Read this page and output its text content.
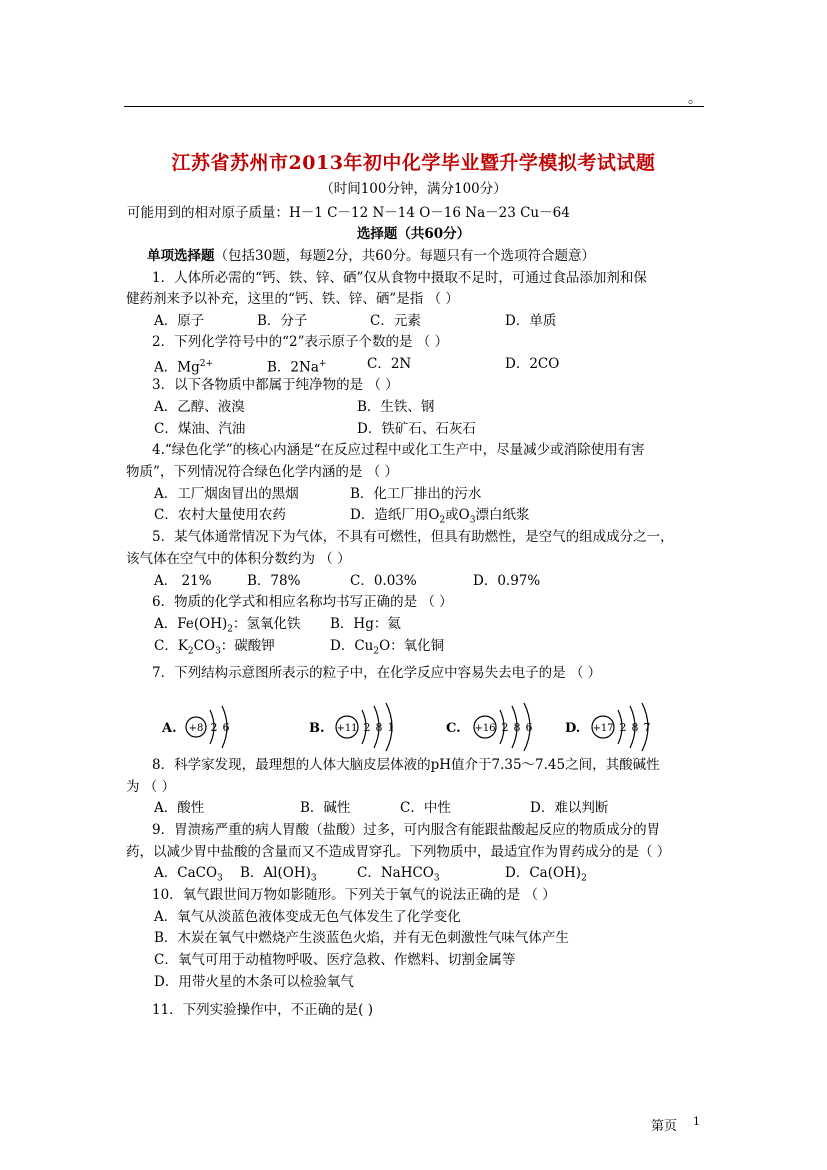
。
江苏省苏州市2013年初中化学毕业暨升学模拟考试试题
（时间100分钟，满分100分）
可能用到的相对原子质量：H－1 C－12 N－14 O－16 Na－23 Cu－64
选择题（共60分）
单项选择题（包括30题，每题2分，共60分。每题只有一个选项符合题意）
1．人体所必需的“钙、铁、锌、硒”仅从食物中摄取不足时，可通过食品添加剂和保
健药剂来予以补充，这里的“钙、铁、锌、硒”是指 （ ）
A．原子	B．分子	C．元素	D．单质
2．下列化学符号中的“2”表示原子个数的是 （ ）
A．$Mg^{2+}$	B．2Na+	C．2N	D．2CO
3．以下各物质中都属于纯净物的是 （ ）
A．乙醇、液溴	B．生铁、钢
C．煤油、汽油	D．铁矿石、石灰石
4.“绿色化学”的核心内涵是“在反应过程中或化工生产中，尽量减少或消除使用有害
物质”，下列情况符合绿色化学内涵的是 （ ）
A．工厂烟囱冒出的黑烟	B．化工厂排出的污水
C．农村大量使用农药	D．造纸厂用$O_2$或$O_3$漂白纸浆
5．某气体通常情况下为气体，不具有可燃性，但具有助燃性，是空气的组成成分之一，
该气体在空气中的体积分数约为 （ ）
A． 21%	B．78%	C．0.03%	D．0.97%
6．物质的化学式和相应名称均书写正确的是 （ ）
A．$Fe(OH)_2$：氢氧化铁 B．Hg：氦
C．$K_2CO_3$：碳酸钾	D．$Cu_2O$：氧化铜
7．下列结构示意图所表示的粒子中，在化学反应中容易失去电子的是 （ ）
A. +8 2 6	B. +11 2 8 1	C. +16 2 8 6	D. +17 2 8 7
8．科学家发现，最理想的人体大脑皮层体液的pH值介于7.35～7.45之间，其酸碱性
为 （ ）
A．酸性	B．碱性	C．中性	D．难以判断
9．胃溃疡严重的病人胃酸（盐酸）过多，可内服含有能跟盐酸起反应的物质成分的胃
药，以减少胃中盐酸的含量而又不造成胃穿孔。下列物质中，最适宜作为胃药成分的是（ ）
A．CaCO$_3$ B．$Al(OH)_3$	C．NaHCO$_3$	D．$Ca(OH)_2$
10．氧气跟世间万物如影随形。下列关于氧气的说法正确的是 （ ）
A．氧气从淡蓝色液体变成无色气体发生了化学变化
B．木炭在氧气中燃烧产生淡蓝色火焰，并有无色刺激性气味气体产生
C．氧气可用于动植物呼吸、医疗急救、作燃料、切割金属等
D．用带火星的木条可以检验氧气
11．下列实验操作中，不正确的是( )
第页 1
